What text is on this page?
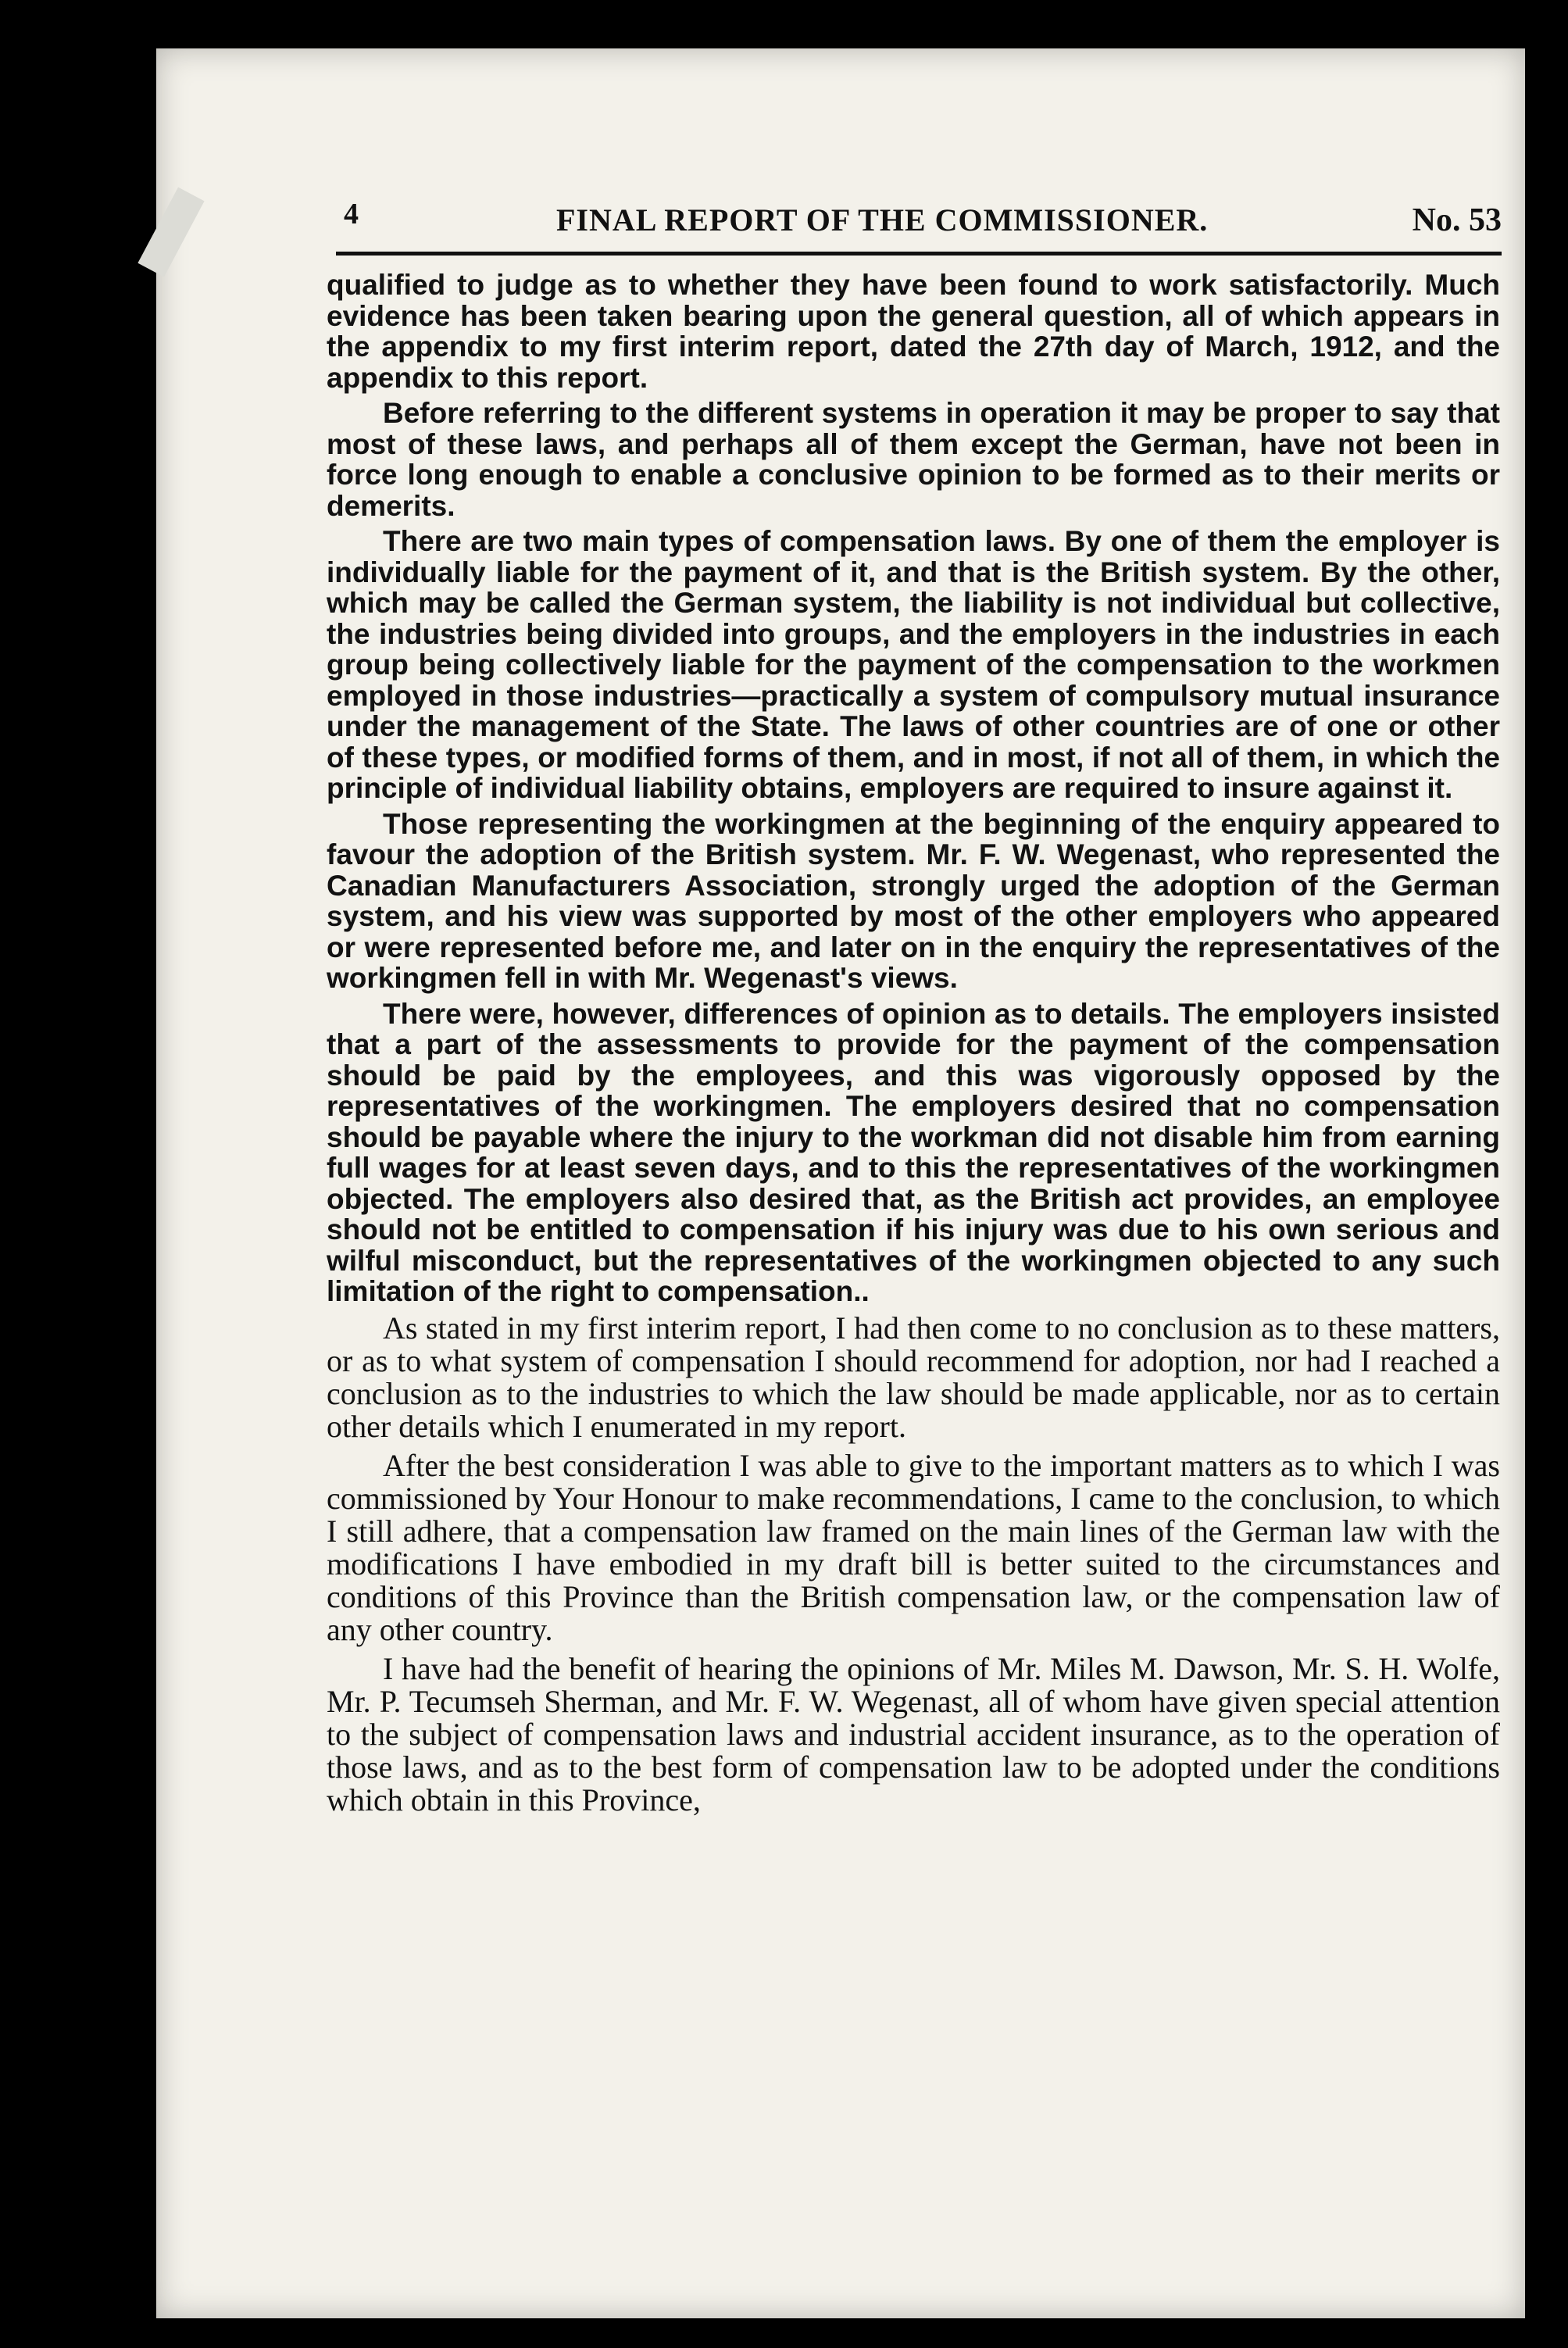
4	FINAL REPORT OF THE COMMISSIONER.	No. 53

qualified to judge as to whether they have been found to work satisfactorily. Much evidence has been taken bearing upon the general question, all of which appears in the appendix to my first interim report, dated the 27th day of March, 1912, and the appendix to this report.

Before referring to the different systems in operation it may be proper to say that most of these laws, and perhaps all of them except the German, have not been in force long enough to enable a conclusive opinion to be formed as to their merits or demerits.

There are two main types of compensation laws. By one of them the employer is individually liable for the payment of it, and that is the British system. By the other, which may be called the German system, the liability is not individual but collective, the industries being divided into groups, and the employers in the industries in each group being collectively liable for the payment of the compensation to the workmen employed in those industries—practically a system of compulsory mutual insurance under the management of the State. The laws of other countries are of one or other of these types, or modified forms of them, and in most, if not all of them, in which the principle of individual liability obtains, employers are required to insure against it.

Those representing the workingmen at the beginning of the enquiry appeared to favour the adoption of the British system. Mr. F. W. Wegenast, who represented the Canadian Manufacturers Association, strongly urged the adoption of the German system, and his view was supported by most of the other employers who appeared or were represented before me, and later on in the enquiry the representatives of the workingmen fell in with Mr. Wegenast's views.

There were, however, differences of opinion as to details. The employers insisted that a part of the assessments to provide for the payment of the compensation should be paid by the employees, and this was vigorously opposed by the representatives of the workingmen. The employers desired that no compensation should be payable where the injury to the workman did not disable him from earning full wages for at least seven days, and to this the representatives of the workingmen objected. The employers also desired that, as the British act provides, an employee should not be entitled to compensation if his injury was due to his own serious and wilful misconduct, but the representatives of the workingmen objected to any such limitation of the right to compensation..

As stated in my first interim report, I had then come to no conclusion as to these matters, or as to what system of compensation I should recommend for adoption, nor had I reached a conclusion as to the industries to which the law should be made applicable, nor as to certain other details which I enumerated in my report.

After the best consideration I was able to give to the important matters as to which I was commissioned by Your Honour to make recommendations, I came to the conclusion, to which I still adhere, that a compensation law framed on the main lines of the German law with the modifications I have embodied in my draft bill is better suited to the circumstances and conditions of this Province than the British compensation law, or the compensation law of any other country.

I have had the benefit of hearing the opinions of Mr. Miles M. Dawson, Mr. S. H. Wolfe, Mr. P. Tecumseh Sherman, and Mr. F. W. Wegenast, all of whom have given special attention to the subject of compensation laws and industrial accident insurance, as to the operation of those laws, and as to the best form of compensation law to be adopted under the conditions which obtain in this Province,
